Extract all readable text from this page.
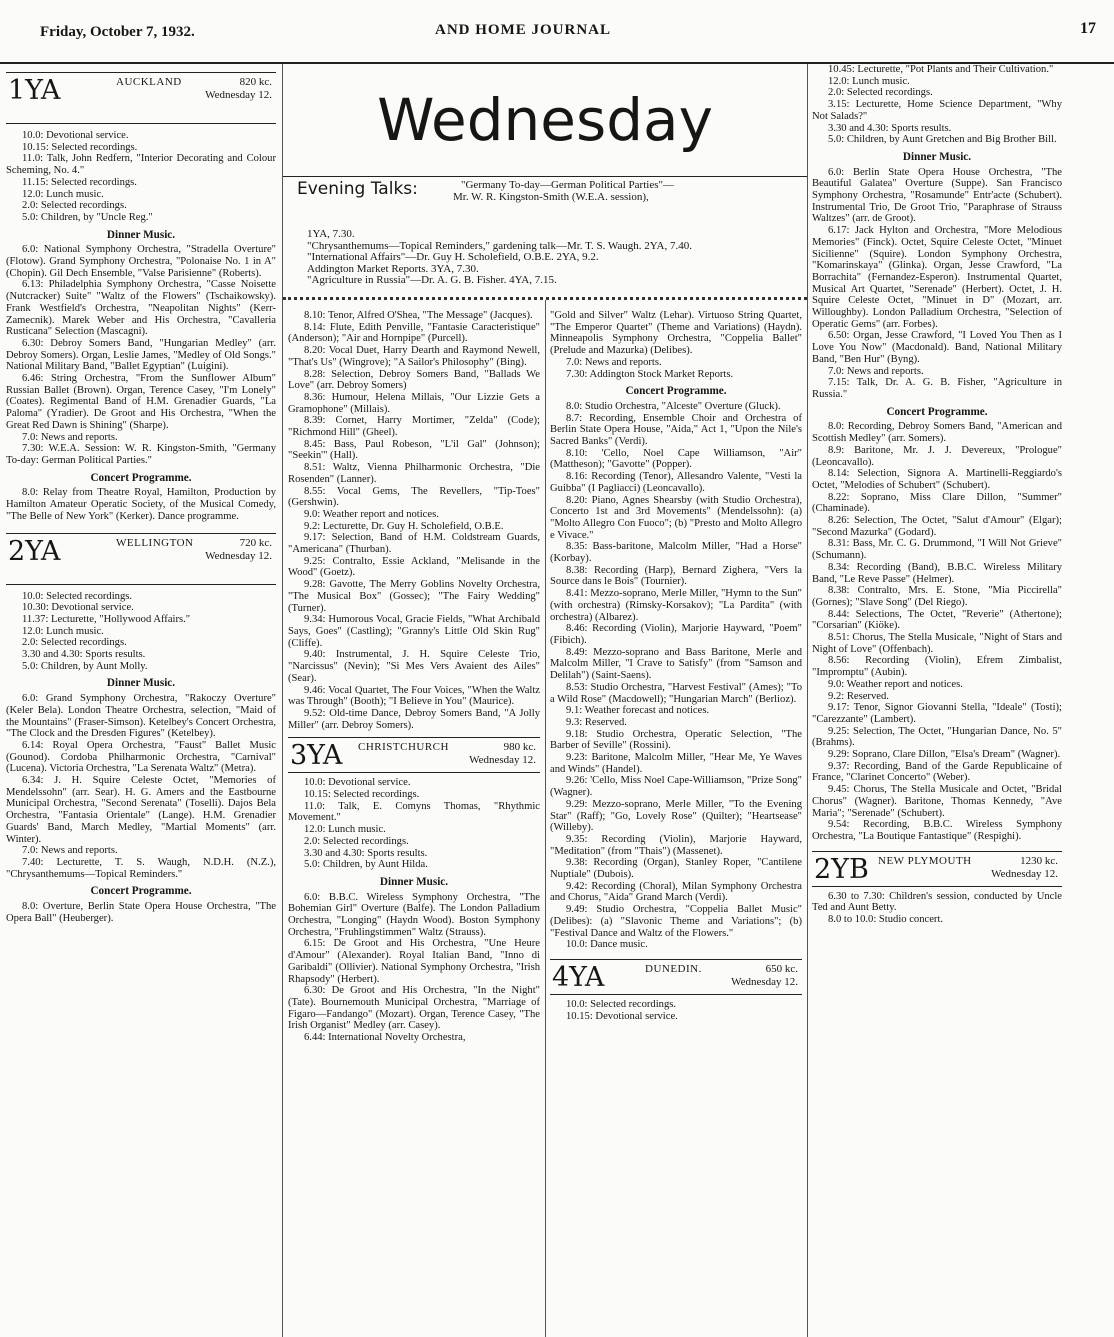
Friday, October 7, 1932.	AND HOME JOURNAL	17
Wednesday
Evening Talks:	"Germany To-day—German Political Parties"—
Mr. W. R. Kingston-Smith (W.E.A. session),
1YA, 7.30.
"Chrysanthemums—Topical Reminders," gardening talk—Mr. T. S. Waugh. 2YA, 7.40.
"International Affairs"—Dr. Guy H. Scholefield, O.B.E. 2YA, 9.2.
Addington Market Reports. 3YA, 7.30.
"Agriculture in Russia"—Dr. A. G. B. Fisher. 4YA, 7.15.
1YA	AUCKLAND	820 kc.
Wednesday 12.

10.0: Devotional service.

10.15: Selected recordings.

11.0: Talk, John Redfern, "Interior Decorating and Colour Scheming, No. 4."

11.15: Selected recordings.

12.0: Lunch music.

2.0: Selected recordings.

5.0: Children, by "Uncle Reg."

Dinner Music.

6.0: National Symphony Orchestra, "Stradella Overture" (Flotow). Grand Symphony Orchestra, "Polonaise No. 1 in A" (Chopin). Gil Dech Ensemble, "Valse Parisienne" (Roberts).

6.13: Philadelphia Symphony Orchestra, "Casse Noisette (Nutcracker) Suite" "Waltz of the Flowers" (Tschaikowsky). Frank Westfield's Orchestra, "Neapolitan Nights" (Kerr-Zamecnik). Marek Weber and His Orchestra, "Cavalleria Rusticana" Selection (Mascagni).

6.30: Debroy Somers Band, "Hungarian Medley" (arr. Debroy Somers). Organ, Leslie James, "Medley of Old Songs." National Military Band, "Ballet Egyptian" (Luigini).

6.46: String Orchestra, "From the Sunflower Album" Russian Ballet (Brown). Organ, Terence Casey, "I'm Lonely" (Coates). Regimental Band of H.M. Grenadier Guards, "La Paloma" (Yradier). De Groot and His Orchestra, "When the Great Red Dawn is Shining" (Sharpe).

7.0: News and reports.

7.30: W.E.A. Session: W. R. Kingston-Smith, "Germany To-day: German Political Parties."

Concert Programme.

8.0: Relay from Theatre Royal, Hamilton, Production by Hamilton Amateur Operatic Society, of the Musical Comedy, "The Belle of New York" (Kerker). Dance programme.

2YA	WELLINGTON	720 kc.
Wednesday 12.

10.0: Selected recordings.

10.30: Devotional service.

11.37: Lecturette, "Hollywood Affairs."

12.0: Lunch music.

2.0: Selected recordings.

3.30 and 4.30: Sports results.

5.0: Children, by Aunt Molly.

Dinner Music.

6.0: Grand Symphony Orchestra, "Rakoczy Overture" (Keler Bela). London Theatre Orchestra, selection, "Maid of the Mountains" (Fraser-Simson). Ketelbey's Concert Orchestra, "The Clock and the Dresden Figures" (Ketelbey).

6.14: Royal Opera Orchestra, "Faust" Ballet Music (Gounod). Cordoba Philharmonic Orchestra, "Carnival" (Lucena). Victoria Orchestra, "La Serenata Waltz" (Metra).

6.34: J. H. Squire Celeste Octet, "Memories of Mendelssohn" (arr. Sear). H. G. Amers and the Eastbourne Municipal Orchestra, "Second Serenata" (Toselli). Dajos Bela Orchestra, "Fantasia Orientale" (Lange). H.M. Grenadier Guards' Band, March Medley, "Martial Moments" (arr. Winter).

7.0: News and reports.

7.40: Lecturette, T. S. Waugh, N.D.H. (N.Z.), "Chrysanthemums—Topical Reminders."

Concert Programme.

8.0: Overture, Berlin State Opera House Orchestra, "The Opera Ball" (Heuberger).

8.10: Tenor, Alfred O'Shea, "The Message" (Jacques).

8.14: Flute, Edith Penville, "Fantasie Caracteristique" (Anderson); "Air and Hornpipe" (Purcell).

8.20: Vocal Duet, Harry Dearth and Raymond Newell, "That's Us" (Wingrove); "A Sailor's Philosophy" (Bing).

8.28: Selection, Debroy Somers Band, "Ballads We Love" (arr. Debroy Somers)

8.36: Humour, Helena Millais, "Our Lizzie Gets a Gramophone" (Millais).

8.39: Cornet, Harry Mortimer, "Zelda" (Code); "Richmond Hill" (Gheel).

8.45: Bass, Paul Robeson, "L'il Gal" (Johnson); "Seekin'" (Hall).

8.51: Waltz, Vienna Philharmonic Orchestra, "Die Rosenden" (Lanner).

8.55: Vocal Gems, The Revellers, "Tip-Toes" (Gershwin).

9.0: Weather report and notices.

9.2: Lecturette, Dr. Guy H. Scholefield, O.B.E.

9.17: Selection, Band of H.M. Coldstream Guards, "Americana" (Thurban).

9.25: Contralto, Essie Ackland, "Melisande in the Wood" (Goetz).

9.28: Gavotte, The Merry Goblins Novelty Orchestra, "The Musical Box" (Gossec); "The Fairy Wedding" (Turner).

9.34: Humorous Vocal, Gracie Fields, "What Archibald Says, Goes" (Castling); "Granny's Little Old Skin Rug" (Cliffe).

9.40: Instrumental, J. H. Squire Celeste Trio, "Narcissus" (Nevin); "Si Mes Vers Avaient des Ailes" (Sear).

9.46: Vocal Quartet, The Four Voices, "When the Waltz was Through" (Booth); "I Believe in You" (Maurice).

9.52: Old-time Dance, Debroy Somers Band, "A Jolly Miller" (arr. Debroy Somers).

3YA CHRISTCHURCH	980 kc.
Wednesday 12.

10.0: Devotional service.

10.15: Selected recordings.

11.0: Talk, E. Comyns Thomas, "Rhythmic Movement."

12.0: Lunch music.

2.0: Selected recordings.

3.30 and 4.30: Sports results.

5.0: Children, by Aunt Hilda.

Dinner Music.

6.0: B.B.C. Wireless Symphony Orchestra, "The Bohemian Girl" Overture (Balfe). The London Palladium Orchestra, "Longing" (Haydn Wood). Boston Symphony Orchestra, "Fruhlingstimmen" Waltz (Strauss).

6.15: De Groot and His Orchestra, "Une Heure d'Amour" (Alexander). Royal Italian Band, "Inno di Garibaldi" (Ollivier). National Symphony Orchestra, "Irish Rhapsody" (Herbert).

6.30: De Groot and His Orchestra, "In the Night" (Tate). Bournemouth Municipal Orchestra, "Marriage of Figaro—Fandango" (Mozart). Organ, Terence Casey, "The Irish Organist" Medley (arr. Casey).

6.44: International Novelty Orchestra,

"Gold and Silver" Waltz (Lehar). Virtuoso String Quartet, "The Emperor Quartet" (Theme and Variations) (Haydn). Minneapolis Symphony Orchestra, "Coppelia Ballet" (Prelude and Mazurka) (Delibes).

7.0: News and reports.

7.30: Addington Stock Market Reports.

Concert Programme.

8.0: Studio Orchestra, "Alceste" Overture (Gluck).

8.7: Recording, Ensemble Choir and Orchestra of Berlin State Opera House, "Aida," Act 1, "Upon the Nile's Sacred Banks" (Verdi).

8.10: 'Cello, Noel Cape Williamson, "Air" (Mattheson); "Gavotte" (Popper).

8.16: Recording (Tenor), Allesandro Valente, "Vesti la Guibba" (I Pagliacci) (Leoncavallo).

8.20: Piano, Agnes Shearsby (with Studio Orchestra), Concerto 1st and 3rd Movements" (Mendelssohn): (a) "Molto Allegro Con Fuoco"; (b) "Presto and Molto Allegro e Vivace."

8.35: Bass-baritone, Malcolm Miller, "Had a Horse" (Korbay).

8.38: Recording (Harp), Bernard Zighera, "Vers la Source dans le Bois" (Tournier).

8.41: Mezzo-soprano, Merle Miller, "Hymn to the Sun" (with orchestra) (Rimsky-Korsakov); "La Pardita" (with orchestra) (Albarez).

8.46: Recording (Violin), Marjorie Hayward, "Poem" (Fibich).

8.49: Mezzo-soprano and Bass Baritone, Merle and Malcolm Miller, "I Crave to Satisfy" (from "Samson and Delilah") (Saint-Saens).

8.53: Studio Orchestra, "Harvest Festival" (Ames); "To a Wild Rose" (Macdowell); "Hungarian March" (Berlioz).

9.1: Weather forecast and notices.

9.3: Reserved.

9.18: Studio Orchestra, Operatic Selection, "The Barber of Seville" (Rossini).

9.23: Baritone, Malcolm Miller, "Hear Me, Ye Waves and Winds" (Handel).

9.26: 'Cello, Miss Noel Cape-Williamson, "Prize Song" (Wagner).

9.29: Mezzo-soprano, Merle Miller, "To the Evening Star" (Raff); "Go, Lovely Rose" (Quilter); "Heartsease" (Willeby).

9.35: Recording (Violin), Marjorie Hayward, "Meditation" (from "Thais") (Massenet).

9.38: Recording (Organ), Stanley Roper, "Cantilene Nuptiale" (Dubois).

9.42: Recording (Choral), Milan Symphony Orchestra and Chorus, "Aida" Grand March (Verdi).

9.49: Studio Orchestra, "Coppelia Ballet Music" (Delibes): (a) "Slavonic Theme and Variations"; (b) "Festival Dance and Waltz of the Flowers."

10.0: Dance music.

4YA	DUNEDIN.	650 kc.
Wednesday 12.

10.0: Selected recordings.

10.15: Devotional service.

10.45: Lecturette, "Pot Plants and Their Cultivation."

12.0: Lunch music.

2.0: Selected recordings.

3.15: Lecturette, Home Science Department, "Why Not Salads?"

3.30 and 4.30: Sports results.

5.0: Children, by Aunt Gretchen and Big Brother Bill.

Dinner Music.

6.0: Berlin State Opera House Orchestra, "The Beautiful Galatea" Overture (Suppe). San Francisco Symphony Orchestra, "Rosamunde" Entr'acte (Schubert). Instrumental Trio, De Groot Trio, "Paraphrase of Strauss Waltzes" (arr. de Groot).

6.17: Jack Hylton and Orchestra, "More Melodious Memories" (Finck). Octet, Squire Celeste Octet, "Minuet Sicilienne" (Squire). London Symphony Orchestra, "Komarinskaya" (Glinka). Organ, Jesse Crawford, "La Borrachita" (Fernandez-Esperon). Instrumental Quartet, Musical Art Quartet, "Serenade" (Herbert). Octet, J. H. Squire Celeste Octet, "Minuet in D" (Mozart, arr. Willoughby). London Palladium Orchestra, "Selection of Operatic Gems" (arr. Forbes).

6.50: Organ, Jesse Crawford, "I Loved You Then as I Love You Now" (Macdonald). Band, National Military Band, "Ben Hur" (Byng).

7.0: News and reports.

7.15: Talk, Dr. A. G. B. Fisher, "Agriculture in Russia."

Concert Programme.

8.0: Recording, Debroy Somers Band, "American and Scottish Medley" (arr. Somers).

8.9: Baritone, Mr. J. J. Devereux, "Prologue" (Leoncavallo).

8.14: Selection, Signora A. Martinelli-Reggiardo's Octet, "Melodies of Schubert" (Schubert).

8.22: Soprano, Miss Clare Dillon, "Summer" (Chaminade).

8.26: Selection, The Octet, "Salut d'Amour" (Elgar); "Second Mazurka" (Godard).

8.31: Bass, Mr. C. G. Drummond, "I Will Not Grieve" (Schumann).

8.34: Recording (Band), B.B.C. Wireless Military Band, "Le Reve Passe" (Helmer).

8.38: Contralto, Mrs. E. Stone, "Mia Piccirella" (Gornes); "Slave Song" (Del Riego).

8.44: Selections, The Octet, "Reverie" (Athertone); "Corsarian" (Kiöke).

8.51: Chorus, The Stella Musicale, "Night of Stars and Night of Love" (Offenbach).

8.56: Recording (Violin), Efrem Zimbalist, "Impromptu" (Aubin).

9.0: Weather report and notices.

9.2: Reserved.

9.17: Tenor, Signor Giovanni Stella, "Ideale" (Tosti); "Carezzante" (Lambert).

9.25: Selection, The Octet, "Hungarian Dance, No. 5" (Brahms).

9.29: Soprano, Clare Dillon, "Elsa's Dream" (Wagner).

9.37: Recording, Band of the Garde Republicaine of France, "Clarinet Concerto" (Weber).

9.45: Chorus, The Stella Musicale and Octet, "Bridal Chorus" (Wagner). Baritone, Thomas Kennedy, "Ave Maria"; "Serenade" (Schubert).

9.54: Recording, B.B.C. Wireless Symphony Orchestra, "La Boutique Fantastique" (Respighi).

2YB NEW PLYMOUTH	1230 kc.
Wednesday 12.

6.30 to 7.30: Children's session, conducted by Uncle Ted and Aunt Betty.

8.0 to 10.0: Studio concert.
